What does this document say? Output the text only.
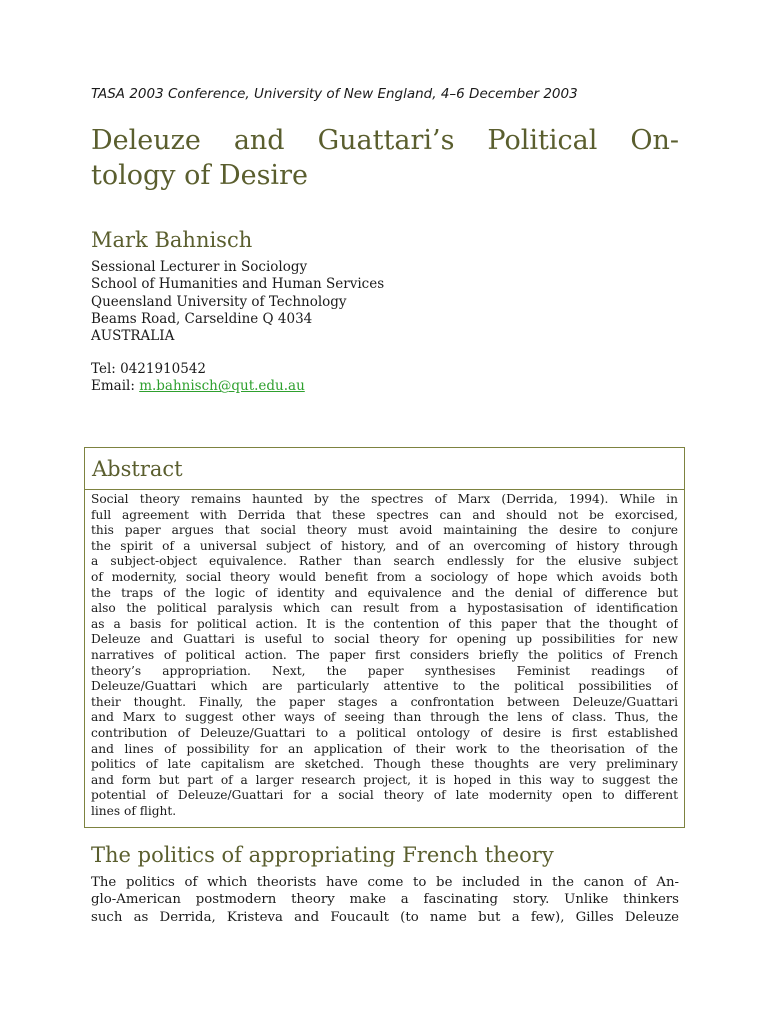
TASA 2003 Conference, University of New England, 4–6 December 2003
Deleuze and Guattari’s Political On-
tology of Desire
Mark Bahnisch
Sessional Lecturer in Sociology
School of Humanities and Human Services
Queensland University of Technology
Beams Road, Carseldine Q 4034
AUSTRALIA
Tel: 0421910542
Email: m.bahnisch@qut.edu.au
Abstract
Social theory remains haunted by the spectres of Marx (Derrida, 1994). While in
full agreement with Derrida that these spectres can and should not be exorcised,
this paper argues that social theory must avoid maintaining the desire to conjure
the spirit of a universal subject of history, and of an overcoming of history through
a subject-object equivalence. Rather than search endlessly for the elusive subject
of modernity, social theory would benefit from a sociology of hope which avoids both
the traps of the logic of identity and equivalence and the denial of difference but
also the political paralysis which can result from a hypostasisation of identification
as a basis for political action. It is the contention of this paper that the thought of
Deleuze and Guattari is useful to social theory for opening up possibilities for new
narratives of political action. The paper first considers briefly the politics of French
theory’s appropriation. Next, the paper synthesises Feminist readings of
Deleuze/Guattari which are particularly attentive to the political possibilities of
their thought. Finally, the paper stages a confrontation between Deleuze/Guattari
and Marx to suggest other ways of seeing than through the lens of class. Thus, the
contribution of Deleuze/Guattari to a political ontology of desire is first established
and lines of possibility for an application of their work to the theorisation of the
politics of late capitalism are sketched. Though these thoughts are very preliminary
and form but part of a larger research project, it is hoped in this way to suggest the
potential of Deleuze/Guattari for a social theory of late modernity open to different
lines of flight.
The politics of appropriating French theory
The politics of which theorists have come to be included in the canon of An-
glo-American postmodern theory make a fascinating story. Unlike thinkers
such as Derrida, Kristeva and Foucault (to name but a few), Gilles Deleuze
